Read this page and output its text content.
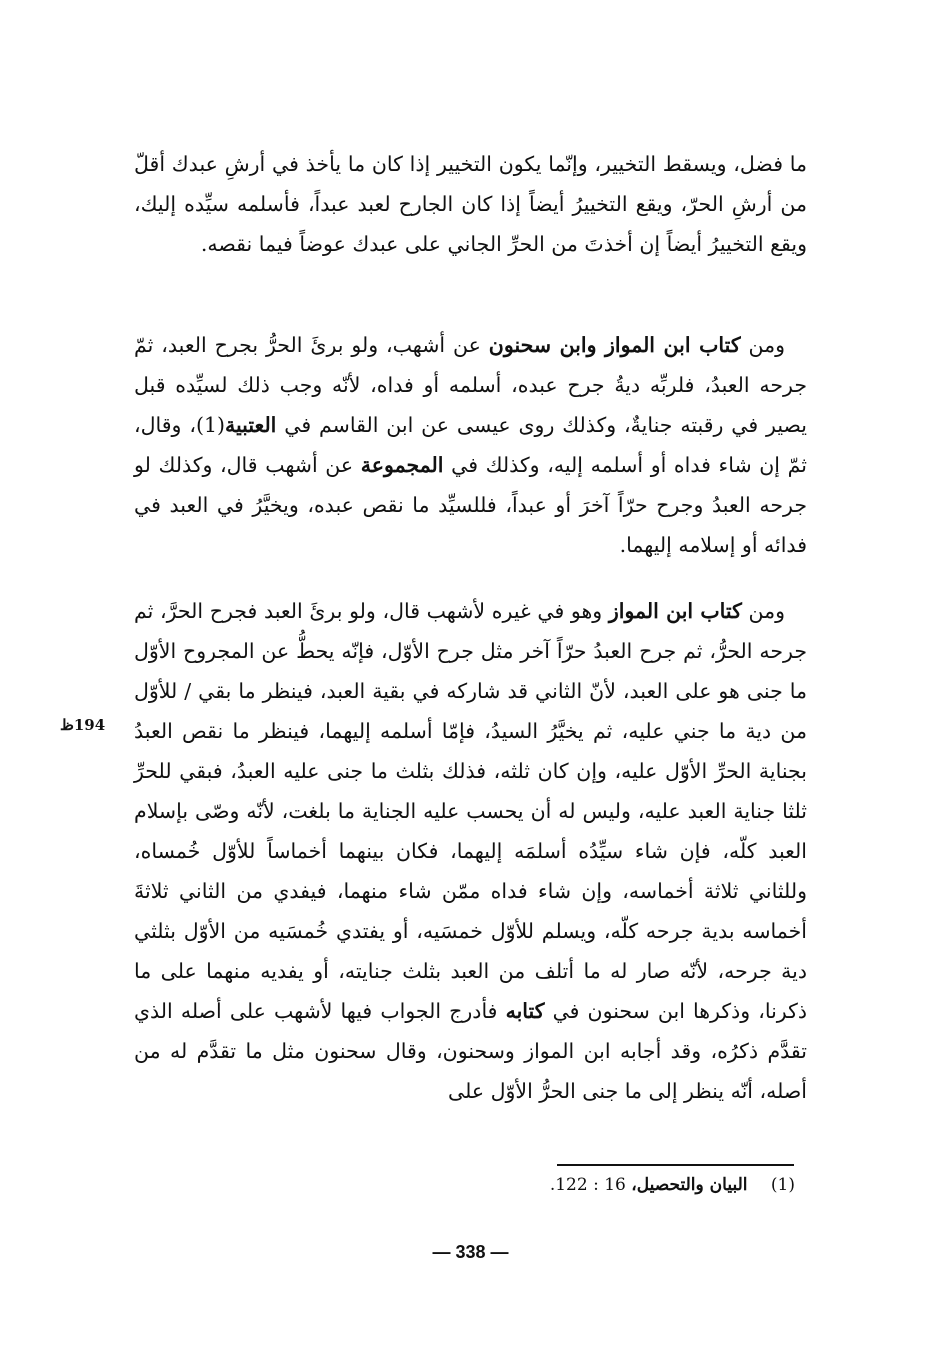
ما فضل، ويسقط التخيير، وإنّما يكون التخيير إذا كان ما يأخذ في أرشِ عبدك أقلّ من أرشِ الحرّ، ويقع التخييرُ أيضاً إذا كان الجارح لعبد عبداً، فأسلمه سيِّده إليك، ويقع التخييرُ أيضاً إن أخذتَ من الحرِّ الجاني على عبدك عوضاً فيما نقصه.
ومن كتاب ابن المواز وابن سحنون عن أشهب، ولو برئَ الحرُّ بجرح العبد، ثمّ جرحه العبدُ، فلربِّه ديةُ جرح عبده، أسلمه أو فداه، لأنّه وجب ذلك لسيِّده قبل يصير في رقبته جنايةٌ، وكذلك روى عيسى عن ابن القاسم في العتبية(1)، وقال، ثمّ إن شاء فداه أو أسلمه إليه، وكذلك في المجموعة عن أشهب قال، وكذلك لو جرحه العبدُ وجرح حرّاً آخرَ أو عبداً، فللسيِّد ما نقص عبده، ويخيَّرُ في العبد في فدائه أو إسلامه إليهما.
ومن كتاب ابن المواز وهو في غيره لأشهب قال، ولو برئَ العبد فجرح الحرَّ، ثم جرحه الحرُّ، ثم جرح العبدُ حرّاً آخر مثل جرح الأوّل، فإنّه يحطُّ عن المجروح الأوّل ما جنى هو على العبد، لأنّ الثاني قد شاركه في بقية العبد، فينظر ما بقي / للأوّل من دية ما جني عليه، ثم يخيَّرُ السيدُ، فإمّا أسلمه إليهما، فينظر ما نقص العبدُ بجناية الحرِّ الأوّل عليه، وإن كان ثلثه، فذلك بثلث ما جنى عليه العبدُ، فبقي للحرِّ ثلثا جناية العبد عليه، وليس له أن يحسب عليه الجناية ما بلغت، لأنّه وصّى بإسلام العبد كلّه، فإن شاء سيِّدُه أسلمَه إليهما، فكان بينهما أخماساً للأوّل خُمساه، وللثاني ثلاثة أخماسه، وإن شاء فداه ممّن شاء منهما، فيفدي من الثاني ثلاثةَ أخماسه بدية جرحه كلّه، ويسلم للأوّل خمسَيه، أو يفتدي خُمسَيه من الأوّل بثلثي دية جرحه، لأنّه صار له ما أتلف من العبد بثلث جنايته، أو يفديه منهما على ما ذكرنا، وذكرها ابن سحنون في كتابه فأدرج الجواب فيها لأشهب على أصله الذي تقدَّم ذكرُه، وقد أجابه ابن المواز وسحنون، وقال سحنون مثل ما تقدَّم له من أصله، أنّه ينظر إلى ما جنى الحرُّ الأوّل على
194ظ
(1) البيان والتحصيل، 16 : 122.
— 338 —
